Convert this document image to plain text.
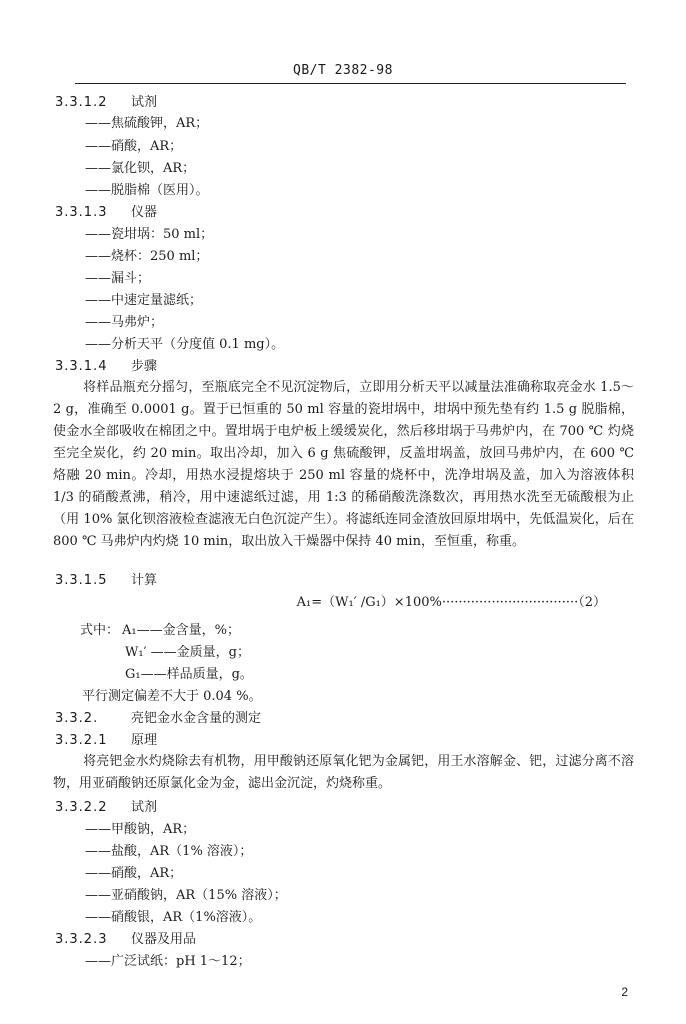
QB/T 2382-98
3.3.1.2 试剂
——焦硫酸钾，AR；
——硝酸，AR；
——氯化钡，AR；
——脱脂棉（医用）。
3.3.1.3 仪器
——瓷坩埚：50 ml；
——烧杯：250 ml；
——漏斗；
——中速定量滤纸；
——马弗炉；
——分析天平（分度值 0.1 mg）。
3.3.1.4 步骤
将样品瓶充分摇匀，至瓶底完全不见沉淀物后，立即用分析天平以减量法准确称取亮金水 1.5～2 g，准确至 0.0001 g。置于已恒重的 50 ml 容量的瓷坩埚中，坩埚中预先垫有约 1.5 g 脱脂棉，使金水全部吸收在棉团之中。置坩埚于电炉板上缓缓炭化，然后移坩埚于马弗炉内，在 700 ℃ 灼烧至完全炭化，约 20 min。取出冷却，加入 6 g 焦硫酸钾，反盖坩埚盖，放回马弗炉内，在 600 ℃ 烙融 20 min。冷却，用热水浸提熔块于 250 ml 容量的烧杯中，洗净坩埚及盖，加入为溶液体积 1/3 的硝酸煮沸，稍冷，用中速滤纸过滤，用 1:3 的稀硝酸洗涤数次，再用热水洗至无硫酸根为止（用 10% 氯化钡溶液检查滤液无白色沉淀产生）。将滤纸连同金渣放回原坩埚中，先低温炭化，后在 800 ℃ 马弗炉内灼烧 10 min，取出放入干燥器中保持 40 min，至恒重，称重。
3.3.1.5 计算
A₁=（W₁′ /G₁）×100%·································（2）
式中： A₁——金含量，%；
W₁′ ——金质量，g；
G₁——样品质量，g。
平行测定偏差不大于 0.04 %。
3.3.2.	亮钯金水金含量的测定
3.3.2.1 原理
将亮钯金水灼烧除去有机物，用甲酸钠还原氧化钯为金属钯，用王水溶解金、钯，过滤分离不溶物，用亚硝酸钠还原氯化金为金，滤出金沉淀，灼烧称重。
3.3.2.2 试剂
——甲酸钠，AR；
——盐酸，AR（1% 溶液）；
——硝酸，AR；
——亚硝酸钠，AR（15% 溶液）；
——硝酸银，AR（1%溶液）。
3.3.2.3 仪器及用品
——广泛试纸：pH 1～12；
2
